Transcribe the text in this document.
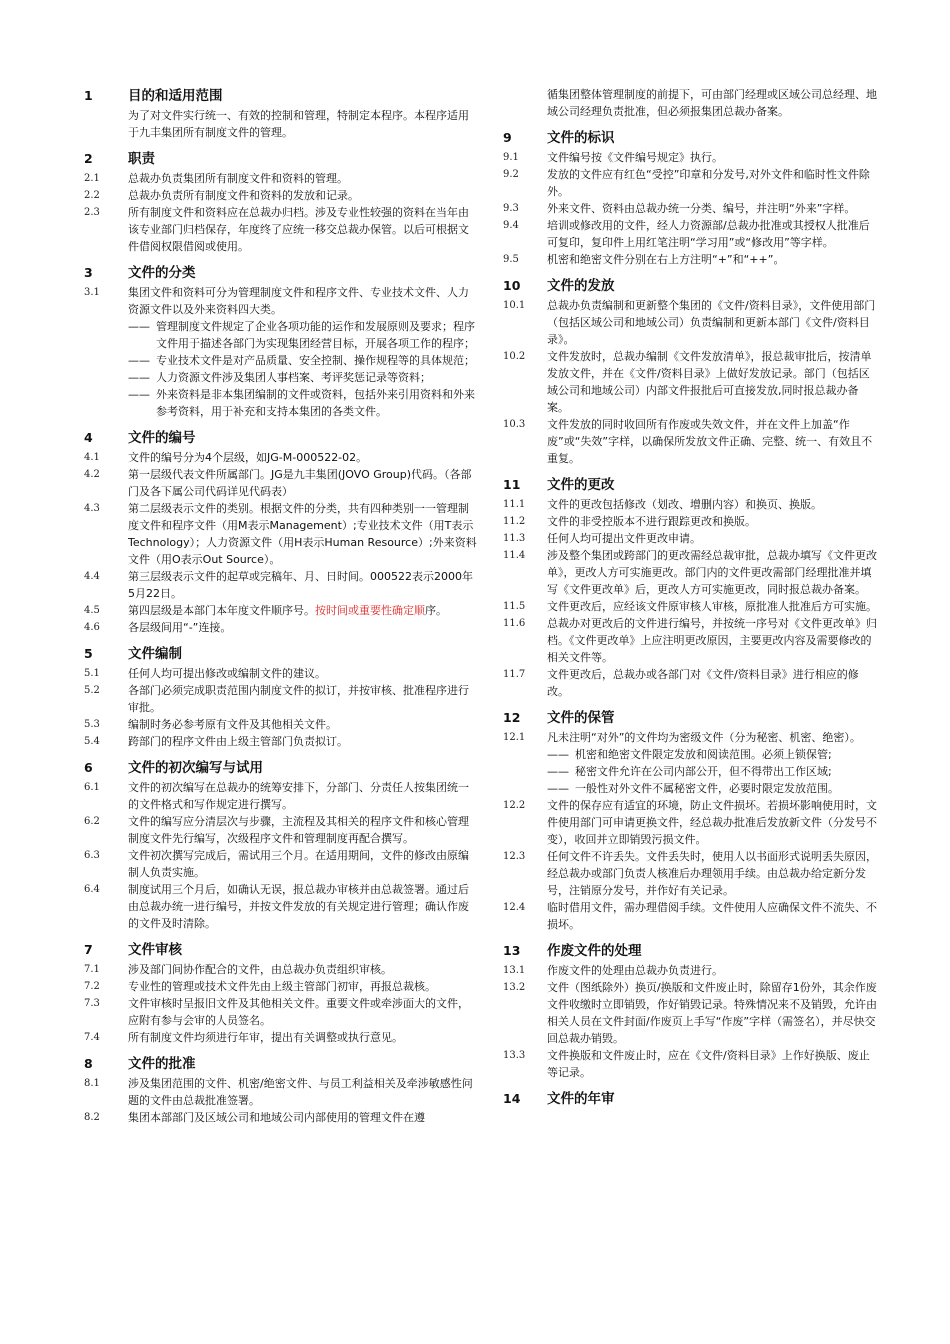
1	目的和适用范围
为了对文件实行统一、有效的控制和管理，特制定本程序。本程序适用于九丰集团所有制度文件的管理。
2	职责
2.1	总裁办负责集团所有制度文件和资料的管理。
2.2	总裁办负责所有制度文件和资料的发放和记录。
2.3	所有制度文件和资料应在总裁办归档。涉及专业性较强的资料在当年由该专业部门归档保存，年度终了应统一移交总裁办保管。以后可根据文件借阅权限借阅或使用。
3	文件的分类
3.1	集团文件和资料可分为管理制度文件和程序文件、专业技术文件、人力资源文件以及外来资料四大类。
—— 管理制度文件规定了企业各项功能的运作和发展原则及要求；程序文件用于描述各部门为实现集团经营目标，开展各项工作的程序；
—— 专业技术文件是对产品质量、安全控制、操作规程等的具体规范；
—— 人力资源文件涉及集团人事档案、考评奖惩记录等资料；
—— 外来资料是非本集团编制的文件或资料，包括外来引用资料和外来参考资料，用于补充和支持本集团的各类文件。
4	文件的编号
4.1	文件的编号分为4个层级，如JG-M-000522-02。
4.2	第一层级代表文件所属部门。JG是九丰集团(JOVO Group)代码。（各部门及各下属公司代码详见代码表）
4.3	第二层级表示文件的类别。根据文件的分类，共有四种类别一一管理制度文件和程序文件（用M表示Management）;专业技术文件（用T表示Technology）；人力资源文件（用H表示Human Resource）;外来资料文件（用O表示Out Source）。
4.4	第三层级表示文件的起草或完稿年、月、日时间。000522表示2000年5月22日。
4.5	第四层级是本部门本年度文件顺序号。按时间或重要性确定顺序。
4.6	各层级间用“-”连接。
5	文件编制
5.1	任何人均可提出修改或编制文件的建议。
5.2	各部门必须完成职责范围内制度文件的拟订，并按审核、批准程序进行审批。
5.3	编制时务必参考原有文件及其他相关文件。
5.4	跨部门的程序文件由上级主管部门负责拟订。
6	文件的初次编写与试用
6.1	文件的初次编写在总裁办的统筹安排下，分部门、分责任人按集团统一的文件格式和写作规定进行撰写。
6.2	文件的编写应分清层次与步骤，主流程及其相关的程序文件和核心管理制度文件先行编写，次级程序文件和管理制度再配合撰写。
6.3	文件初次撰写完成后，需试用三个月。在适用期间，文件的修改由原编制人负责实施。
6.4	制度试用三个月后，如确认无误，报总裁办审核并由总裁签署。通过后由总裁办统一进行编号，并按文件发放的有关规定进行管理；确认作废的文件及时清除。
7	文件审核
7.1	涉及部门间协作配合的文件，由总裁办负责组织审核。
7.2	专业性的管理或技术文件先由上级主管部门初审，再报总裁核。
7.3	文件审核时呈报旧文件及其他相关文件。重要文件或牵涉面大的文件，应附有参与会审的人员签名。
7.4	所有制度文件均须进行年审，提出有关调整或执行意见。
8	文件的批准
8.1	涉及集团范围的文件、机密/绝密文件、与员工利益相关及牵涉敏感性问题的文件由总裁批准签署。
8.2	集团本部部门及区域公司和地域公司内部使用的管理文件在遵
循集团整体管理制度的前提下，可由部门经理或区域公司总经理、地域公司经理负责批准，但必须报集团总裁办备案。
9	文件的标识
9.1	文件编号按《文件编号规定》执行。
9.2	发放的文件应有红色“受控”印章和分发号,对外文件和临时性文件除外。
9.3	外来文件、资料由总裁办统一分类、编号，并注明“外来”字样。
9.4	培训或修改用的文件，经人力资源部/总裁办批准或其授权人批准后可复印，复印件上用红笔注明“学习用”或“修改用”等字样。
9.5	机密和绝密文件分别在右上方注明“+”和“++”。
10	文件的发放
10.1	总裁办负责编制和更新整个集团的《文件/资料目录》，文件使用部门（包括区域公司和地域公司）负责编制和更新本部门《文件/资料目录》。
10.2	文件发放时，总裁办编制《文件发放清单》，报总裁审批后，按清单发放文件，并在《文件/资料目录》上做好发放记录。部门（包括区域公司和地域公司）内部文件报批后可直接发放,同时报总裁办备案。
10.3	文件发放的同时收回所有作废或失效文件，并在文件上加盖“作废”或“失效”字样，以确保所发放文件正确、完整、统一、有效且不重复。
11	文件的更改
11.1	文件的更改包括修改（划改、增删内容）和换页、换版。
11.2	文件的非受控版本不进行跟踪更改和换版。
11.3	任何人均可提出文件更改申请。
11.4	涉及整个集团或跨部门的更改需经总裁审批，总裁办填写《文件更改单》，更改人方可实施更改。部门内的文件更改需部门经理批准并填写《文件更改单》后，更改人方可实施更改，同时报总裁办备案。
11.5	文件更改后，应经该文件原审核人审核，原批准人批准后方可实施。
11.6	总裁办对更改后的文件进行编号，并按统一序号对《文件更改单》归档。《文件更改单》上应注明更改原因，主要更改内容及需要修改的相关文件等。
11.7	文件更改后，总裁办或各部门对《文件/资料目录》进行相应的修改。
12	文件的保管
12.1	凡未注明“对外”的文件均为密级文件（分为秘密、机密、绝密）。
—— 机密和绝密文件限定发放和阅读范围。必须上锁保管;
—— 秘密文件允许在公司内部公开，但不得带出工作区域;
—— 一般性对外文件不属秘密文件，必要时限定发放范围。
12.2	文件的保存应有适宜的环境，防止文件损坏。若损坏影响使用时，文件使用部门可申请更换文件，经总裁办批准后发放新文件（分发号不变），收回并立即销毁污损文件。
12.3	任何文件不许丢失。文件丢失时，使用人以书面形式说明丢失原因，经总裁办或部门负责人核准后办理领用手续。由总裁办给定新分发号，注销原分发号，并作好有关记录。
12.4	临时借用文件，需办理借阅手续。文件使用人应确保文件不流失、不损坏。
13	作废文件的处理
13.1	作废文件的处理由总裁办负责进行。
13.2	文件（图纸除外）换页/换版和文件废止时，除留存1份外，其余作废文件收缴时立即销毁，作好销毁记录。特殊情况来不及销毁，允许由相关人员在文件封面/作废页上手写“作废”字样（需签名），并尽快交回总裁办销毁。
13.3	文件换版和文件废止时，应在《文件/资料目录》上作好换版、废止等记录。
14	文件的年审
